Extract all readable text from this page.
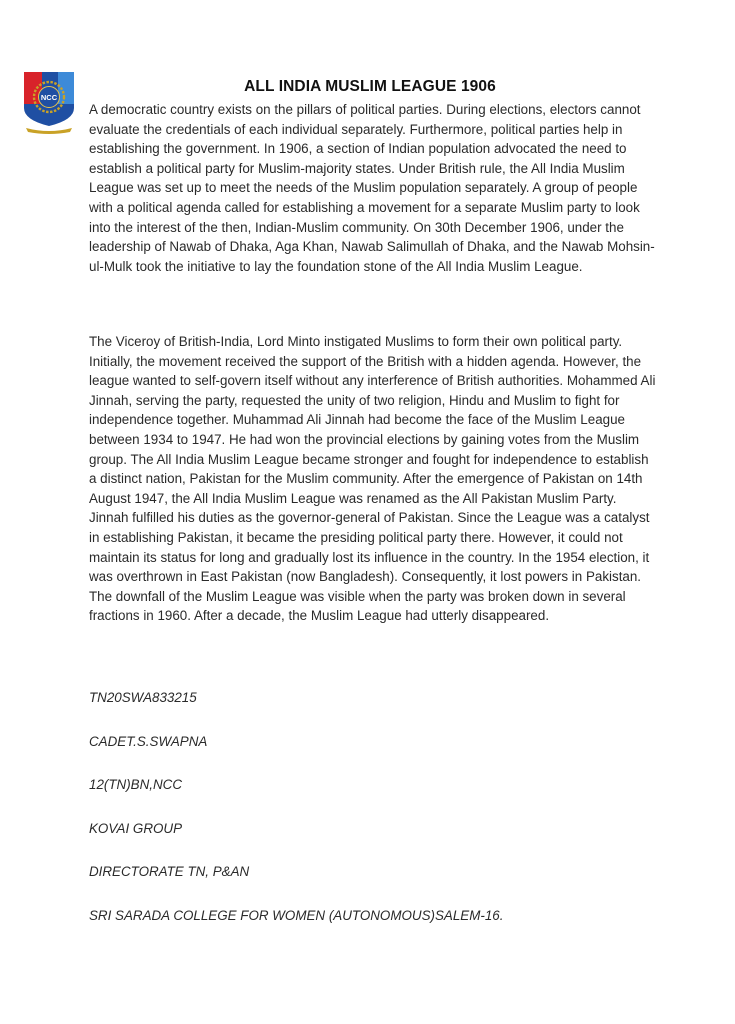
NCC
ALL INDIA MUSLIM LEAGUE 1906

A democratic country exists on the pillars of political parties. During elections, electors cannot evaluate the credentials of each individual separately. Furthermore, political parties help in establishing the government. In 1906, a section of Indian population advocated the need to establish a political party for Muslim-majority states. Under British rule, the All India Muslim League was set up to meet the needs of the Muslim population separately. A group of people with a political agenda called for establishing a movement for a separate Muslim party to look into the interest of the then, Indian-Muslim community. On 30th December 1906, under the leadership of Nawab of Dhaka, Aga Khan, Nawab Salimullah of Dhaka, and the Nawab Mohsin-ul-Mulk took the initiative to lay the foundation stone of the All India Muslim League.

The Viceroy of British-India, Lord Minto instigated Muslims to form their own political party. Initially, the movement received the support of the British with a hidden agenda. However, the league wanted to self-govern itself without any interference of British authorities. Mohammed Ali Jinnah, serving the party, requested the unity of two religion, Hindu and Muslim to fight for independence together. Muhammad Ali Jinnah had become the face of the Muslim League between 1934 to 1947. He had won the provincial elections by gaining votes from the Muslim group. The All India Muslim League became stronger and fought for independence to establish a distinct nation, Pakistan for the Muslim community. After the emergence of Pakistan on 14th August 1947, the All India Muslim League was renamed as the All Pakistan Muslim Party. Jinnah fulfilled his duties as the governor-general of Pakistan. Since the League was a catalyst in establishing Pakistan, it became the presiding political party there. However, it could not maintain its status for long and gradually lost its influence in the country. In the 1954 election, it was overthrown in East Pakistan (now Bangladesh). Consequently, it lost powers in Pakistan. The downfall of the Muslim League was visible when the party was broken down in several fractions in 1960. After a decade, the Muslim League had utterly disappeared.

TN20SWA833215
CADET.S.SWAPNA
12(TN)BN,NCC
KOVAI GROUP
DIRECTORATE TN, P&AN
SRI SARADA COLLEGE FOR WOMEN (AUTONOMOUS)SALEM-16.
